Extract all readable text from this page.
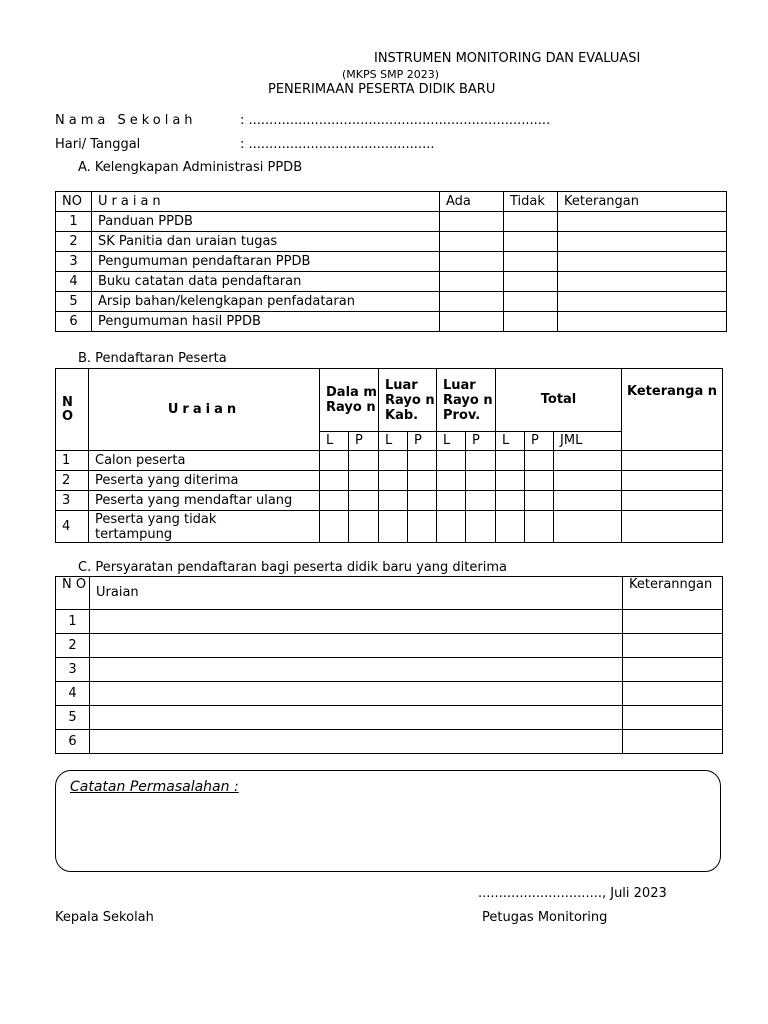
INSTRUMEN MONITORING DAN EVALUASI
(MKPS SMP 2023)
PENERIMAAN PESERTA DIDIK BARU
Nama Sekolah	: .........................................................................
Hari/ Tanggal	: .............................................
A. Kelengkapan Administrasi PPDB
NO	Uraian	Ada	Tidak	Keterangan
1	Panduan PPDB			
2	SK Panitia dan uraian tugas			
3	Pengumuman pendaftaran PPDB			
4	Buku catatan data pendaftaran			
5	Arsip bahan/kelengkapan penfadataran			
6	Pengumuman hasil PPDB			
B. Pendaftaran Peserta
N O	Uraian	Dala m Rayo n		Luar Rayo n Kab.		Luar Rayo n Prov.		Total			Keteranga n
		L	P	L	P	L	P	L	P	JML	
1	Calon peserta										
2	Peserta yang diterima										
3	Peserta yang mendaftar ulang										
4	Peserta yang tidak tertampung										
C. Persyaratan pendaftaran bagi peserta didik baru yang diterima
N O	Uraian	Keteranngan
1		
2		
3		
4		
5		
6		
Catatan Permasalahan :
.............................., Juli 2023
Kepala Sekolah	Petugas Monitoring
